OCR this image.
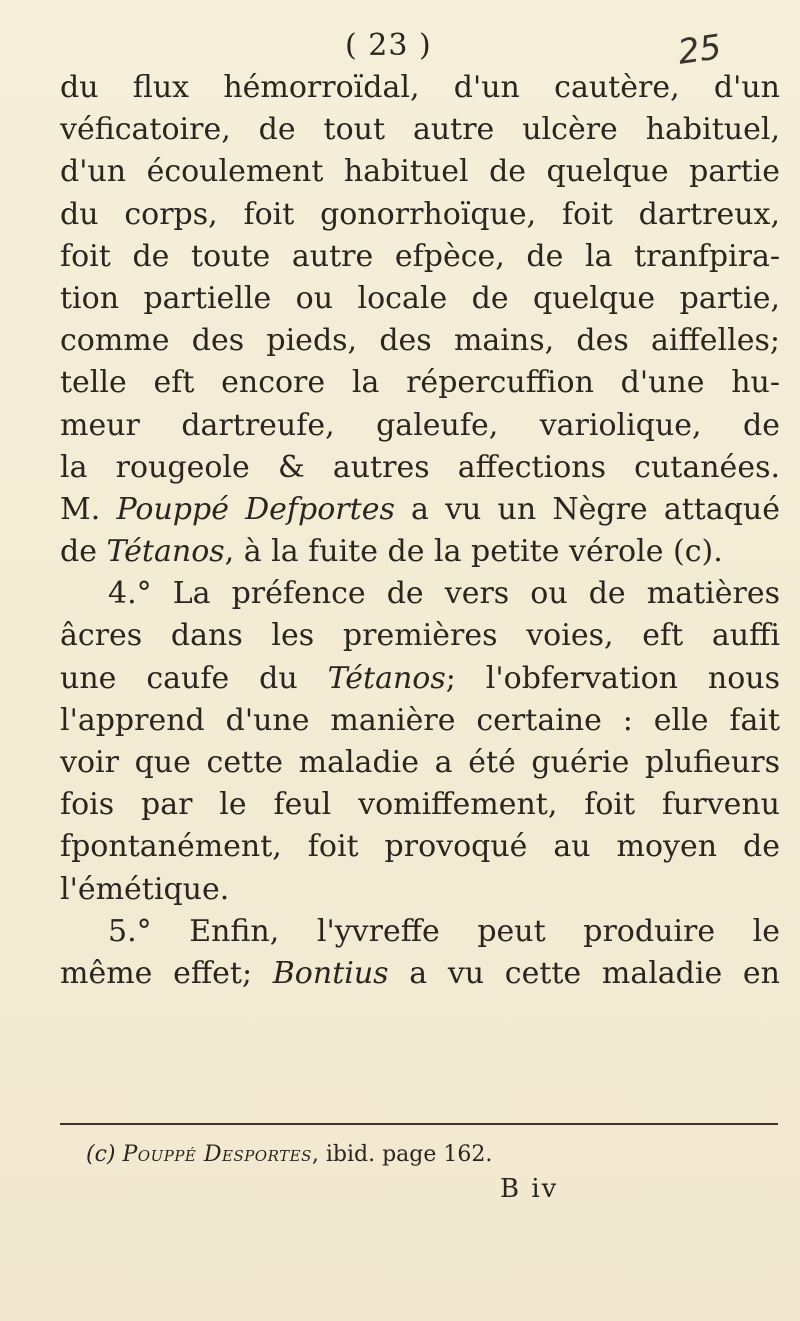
( 23 )	25
du flux hémorroïdal, d'un cautère, d'un
véficatoire, de tout autre ulcère habituel,
d'un écoulement habituel de quelque partie
du corps, foit gonorrhoïque, foit dartreux,
foit de toute autre efpèce, de la tranfpira-
tion partielle ou locale de quelque partie,
comme des pieds, des mains, des aiffelles;
telle eft encore la répercuffion d'une hu-
meur dartreufe, galeufe, variolique, de
la rougeole & autres affections cutanées.
M. Pouppé Defportes a vu un Nègre attaqué
de Tétanos, à la fuite de la petite vérole (c).
4.° La préfence de vers ou de matières
âcres dans les premières voies, eft auffi
une caufe du Tétanos; l'obfervation nous
l'apprend d'une manière certaine : elle fait
voir que cette maladie a été guérie plufieurs
fois par le feul vomiffement, foit furvenu
fpontanément, foit provoqué au moyen de
l'émétique.
5.° Enfin, l'yvreffe peut produire le
même effet; Bontius a vu cette maladie en
(c) Pouppé Desportes, ibid. page 162.
B iv
